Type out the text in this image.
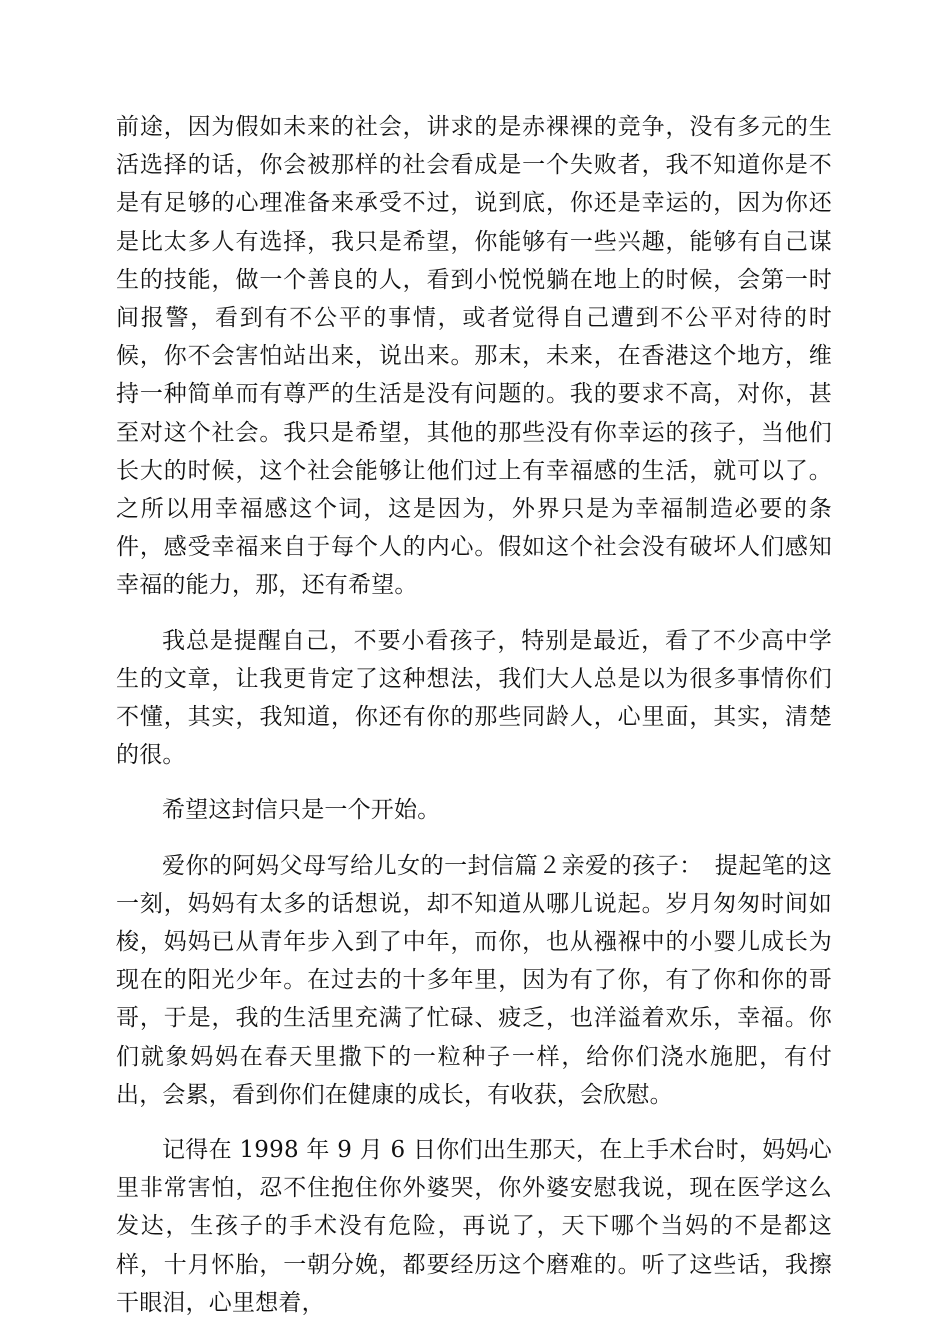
前途，因为假如未来的社会，讲求的是赤裸裸的竞争，没有多元的生活选择的话，你会被那样的社会看成是一个失败者，我不知道你是不是有足够的心理准备来承受不过，说到底，你还是幸运的，因为你还是比太多人有选择，我只是希望，你能够有一些兴趣，能够有自己谋生的技能，做一个善良的人，看到小悦悦躺在地上的时候，会第一时间报警，看到有不公平的事情，或者觉得自己遭到不公平对待的时候，你不会害怕站出来，说出来。那末，未来，在香港这个地方，维持一种简单而有尊严的生活是没有问题的。我的要求不高，对你，甚至对这个社会。我只是希望，其他的那些没有你幸运的孩子，当他们长大的时候，这个社会能够让他们过上有幸福感的生活，就可以了。之所以用幸福感这个词，这是因为，外界只是为幸福制造必要的条件，感受幸福来自于每个人的内心。假如这个社会没有破坏人们感知幸福的能力，那，还有希望。

我总是提醒自己，不要小看孩子，特别是最近，看了不少高中学生的文章，让我更肯定了这种想法，我们大人总是以为很多事情你们不懂，其实，我知道，你还有你的那些同龄人，心里面，其实，清楚的很。

希望这封信只是一个开始。

爱你的阿妈父母写给儿女的一封信篇２亲爱的孩子：　提起笔的这一刻，妈妈有太多的话想说，却不知道从哪儿说起。岁月匆匆时间如梭，妈妈已从青年步入到了中年，而你，也从襁褓中的小婴儿成长为现在的阳光少年。在过去的十多年里，因为有了你，有了你和你的哥哥，于是，我的生活里充满了忙碌、疲乏，也洋溢着欢乐，幸福。你们就象妈妈在春天里撒下的一粒种子一样，给你们浇水施肥，有付出，会累，看到你们在健康的成长，有收获，会欣慰。

记得在 1998 年 9 月 6 日你们出生那天，在上手术台时，妈妈心里非常害怕，忍不住抱住你外婆哭，你外婆安慰我说，现在医学这么发达，生孩子的手术没有危险，再说了，天下哪个当妈的不是都这样，十月怀胎，一朝分娩，都要经历这个磨难的。听了这些话，我擦干眼泪，心里想着，
